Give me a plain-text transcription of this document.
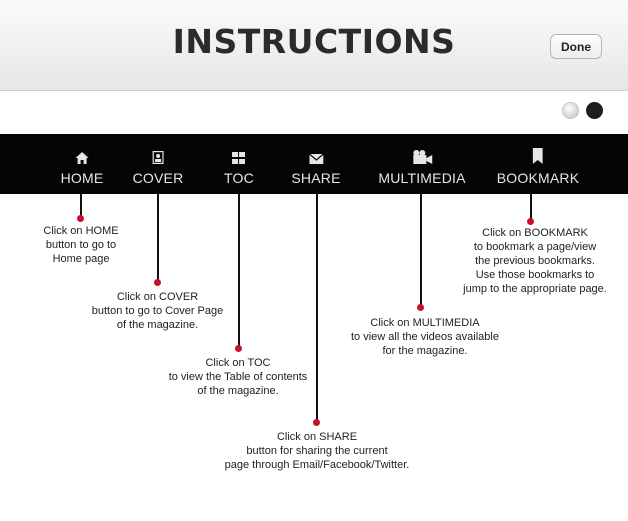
INSTRUCTIONS	Done
HOME COVER	TOC	SHARE	MULTIMEDIA BOOKMARK
Click on HOME
button to go to
Home page
Click on COVER
button to go to Cover Page
of the magazine.
Click on TOC
to view the Table of contents
of the magazine.
Click on SHARE
button for sharing the current
page through Email/Facebook/Twitter.
Click on MULTIMEDIA
to view all the videos available
for the magazine.
Click on BOOKMARK
to bookmark a page/view
the previous bookmarks.
Use those bookmarks to
jump to the appropriate page.
